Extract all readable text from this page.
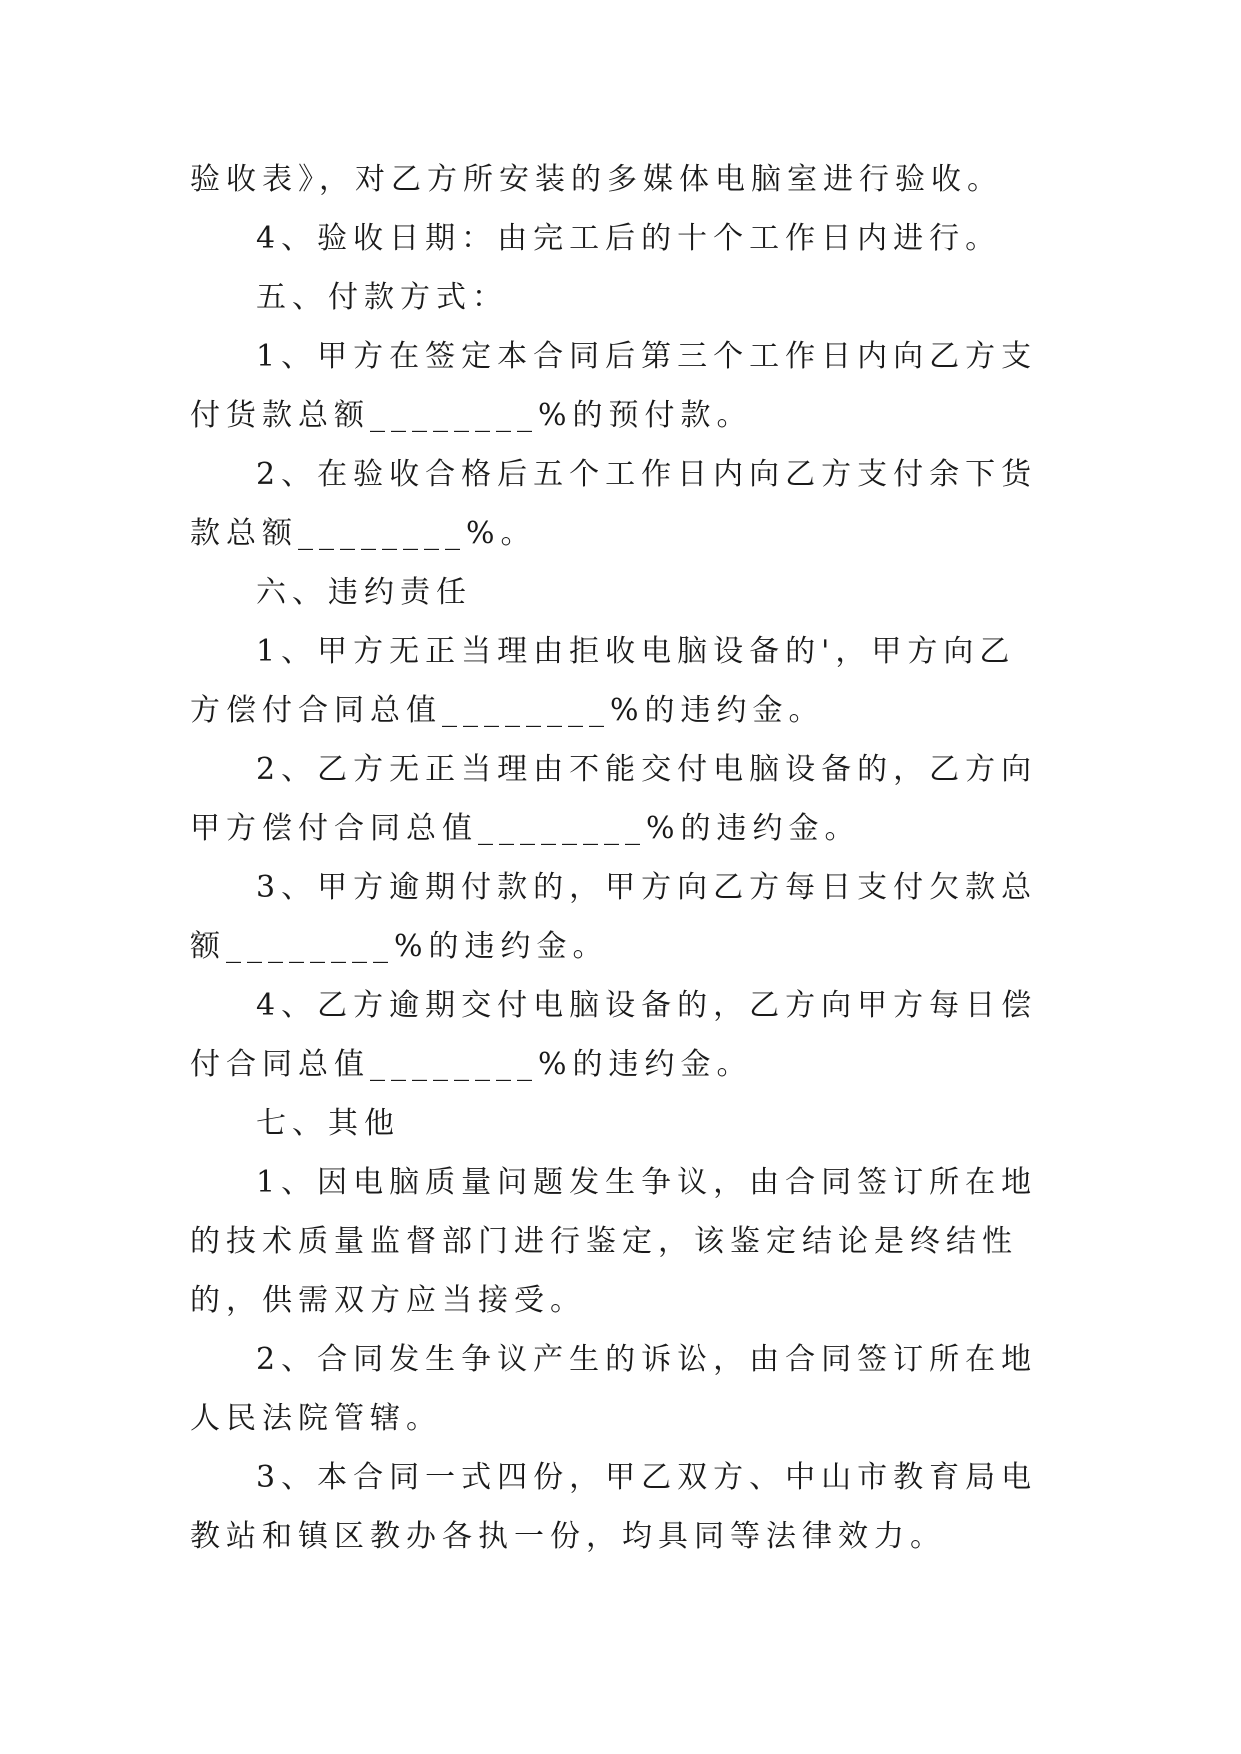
验收表》，对乙方所安装的多媒体电脑室进行验收。

4、验收日期：由完工后的十个工作日内进行。

五、付款方式：

1、甲方在签定本合同后第三个工作日内向乙方支付货款总额________%的预付款。

2、在验收合格后五个工作日内向乙方支付余下货款总额________%。

六、违约责任

1、甲方无正当理由拒收电脑设备的'，甲方向乙方偿付合同总值________%的违约金。

2、乙方无正当理由不能交付电脑设备的，乙方向甲方偿付合同总值________%的违约金。

3、甲方逾期付款的，甲方向乙方每日支付欠款总额________%的违约金。

4、乙方逾期交付电脑设备的，乙方向甲方每日偿付合同总值________%的违约金。

七、其他

1、因电脑质量问题发生争议，由合同签订所在地的技术质量监督部门进行鉴定，该鉴定结论是终结性的，供需双方应当接受。

2、合同发生争议产生的诉讼，由合同签订所在地人民法院管辖。

3、本合同一式四份，甲乙双方、中山市教育局电教站和镇区教办各执一份，均具同等法律效力。
